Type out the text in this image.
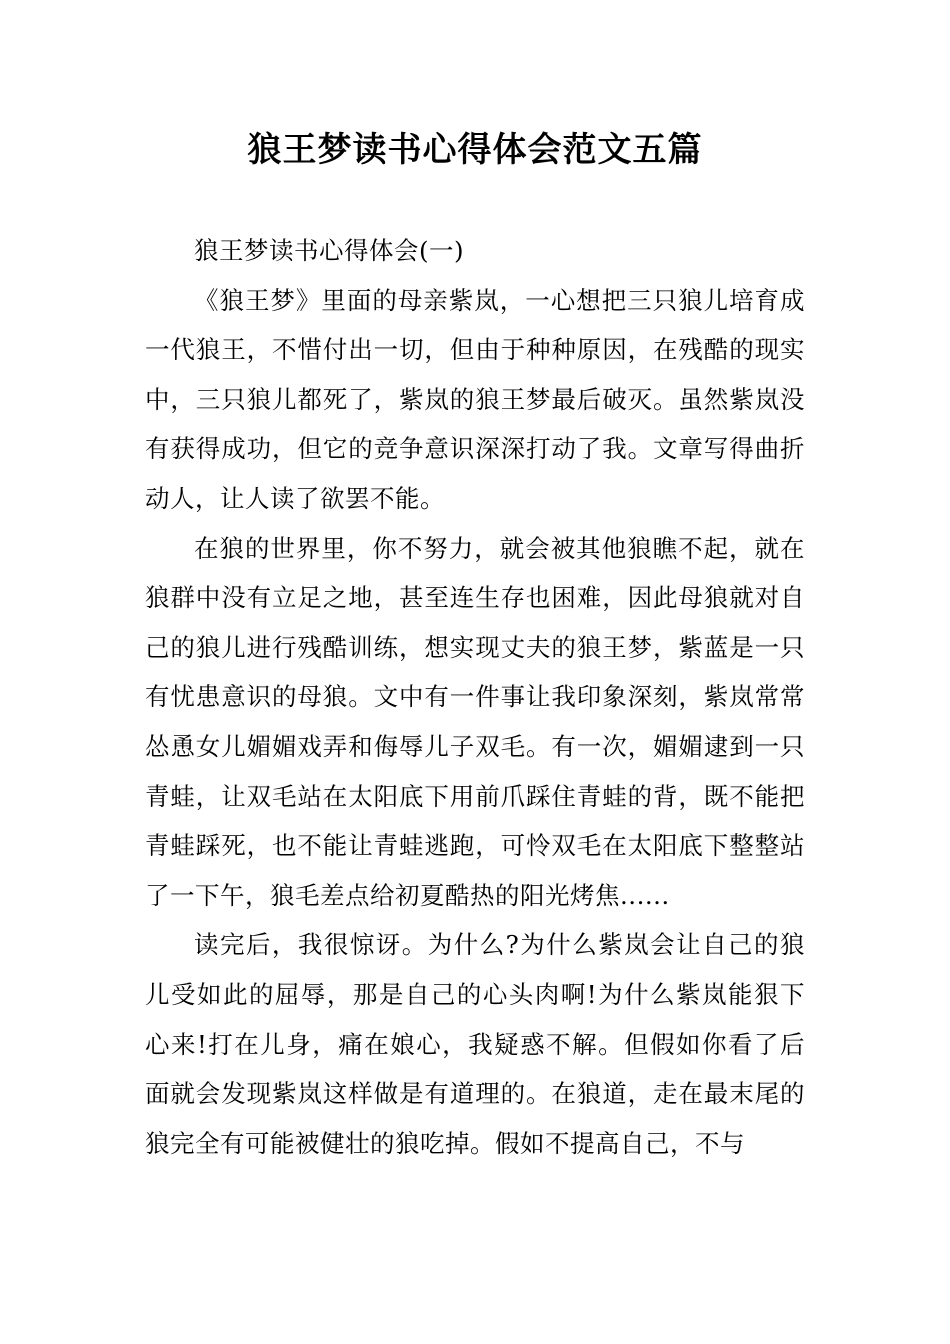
狼王梦读书心得体会范文五篇

狼王梦读书心得体会(一)

《狼王梦》里面的母亲紫岚，一心想把三只狼儿培育成一代狼王，不惜付出一切，但由于种种原因，在残酷的现实中，三只狼儿都死了，紫岚的狼王梦最后破灭。虽然紫岚没有获得成功，但它的竞争意识深深打动了我。文章写得曲折动人，让人读了欲罢不能。

在狼的世界里，你不努力，就会被其他狼瞧不起，就在狼群中没有立足之地，甚至连生存也困难，因此母狼就对自己的狼儿进行残酷训练，想实现丈夫的狼王梦，紫蓝是一只有忧患意识的母狼。文中有一件事让我印象深刻，紫岚常常怂恿女儿媚媚戏弄和侮辱儿子双毛。有一次，媚媚逮到一只青蛙，让双毛站在太阳底下用前爪踩住青蛙的背，既不能把青蛙踩死，也不能让青蛙逃跑，可怜双毛在太阳底下整整站了一下午，狼毛差点给初夏酷热的阳光烤焦......

读完后，我很惊讶。为什么?为什么紫岚会让自己的狼儿受如此的屈辱，那是自己的心头肉啊!为什么紫岚能狠下心来!打在儿身，痛在娘心，我疑惑不解。但假如你看了后面就会发现紫岚这样做是有道理的。在狼道，走在最末尾的狼完全有可能被健壮的狼吃掉。假如不提高自己，不与
